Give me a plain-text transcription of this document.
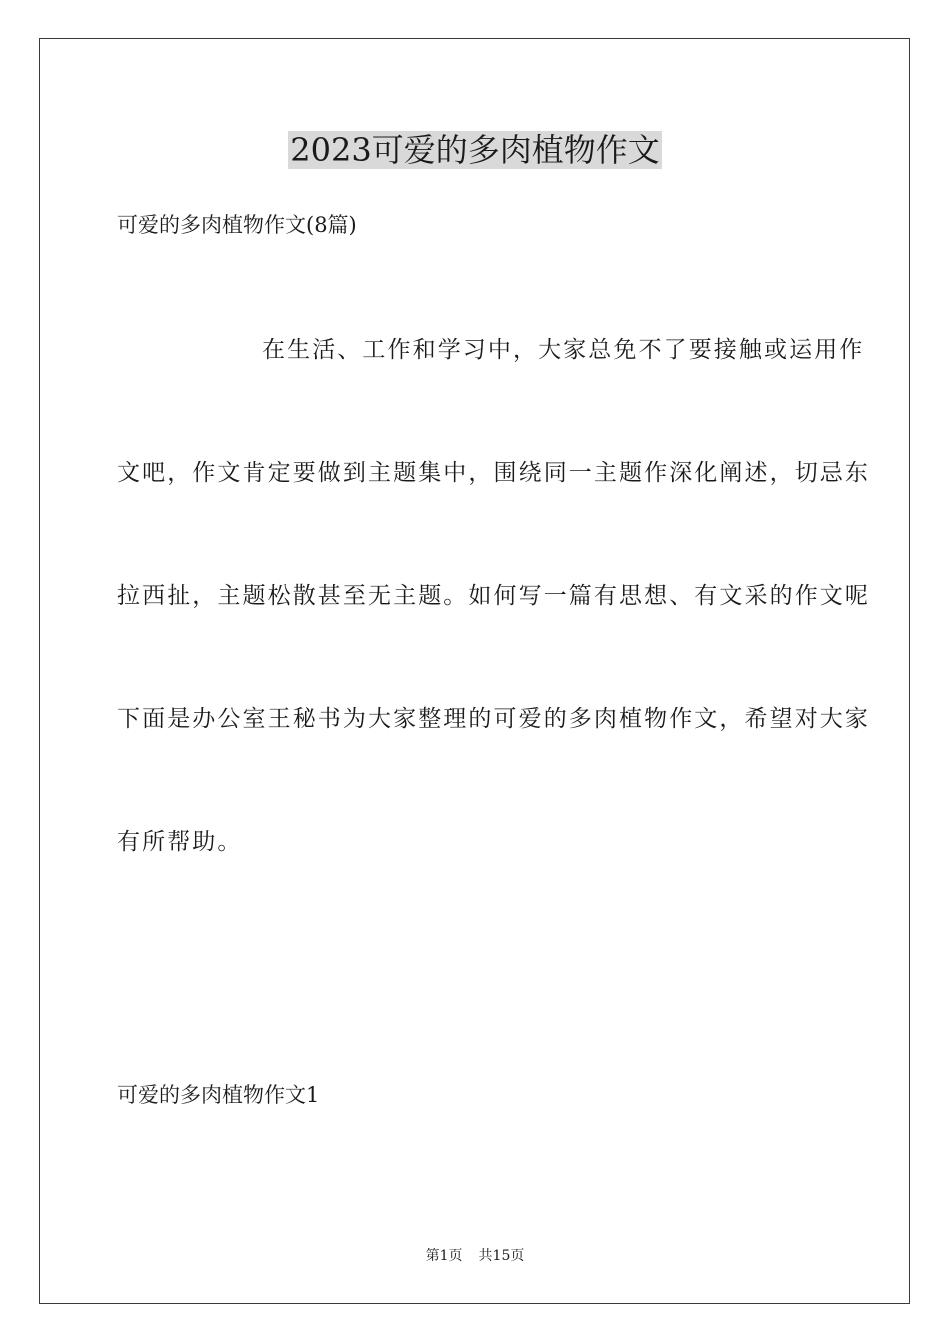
2023可爱的多肉植物作文
可爱的多肉植物作文(8篇)
在生活、工作和学习中，大家总免不了要接触或运用作
文吧，作文肯定要做到主题集中，围绕同一主题作深化阐述，切忌东
拉西扯，主题松散甚至无主题。如何写一篇有思想、有文采的作文呢
下面是办公室王秘书为大家整理的可爱的多肉植物作文，希望对大家
有所帮助。
可爱的多肉植物作文1
第1页 共15页
